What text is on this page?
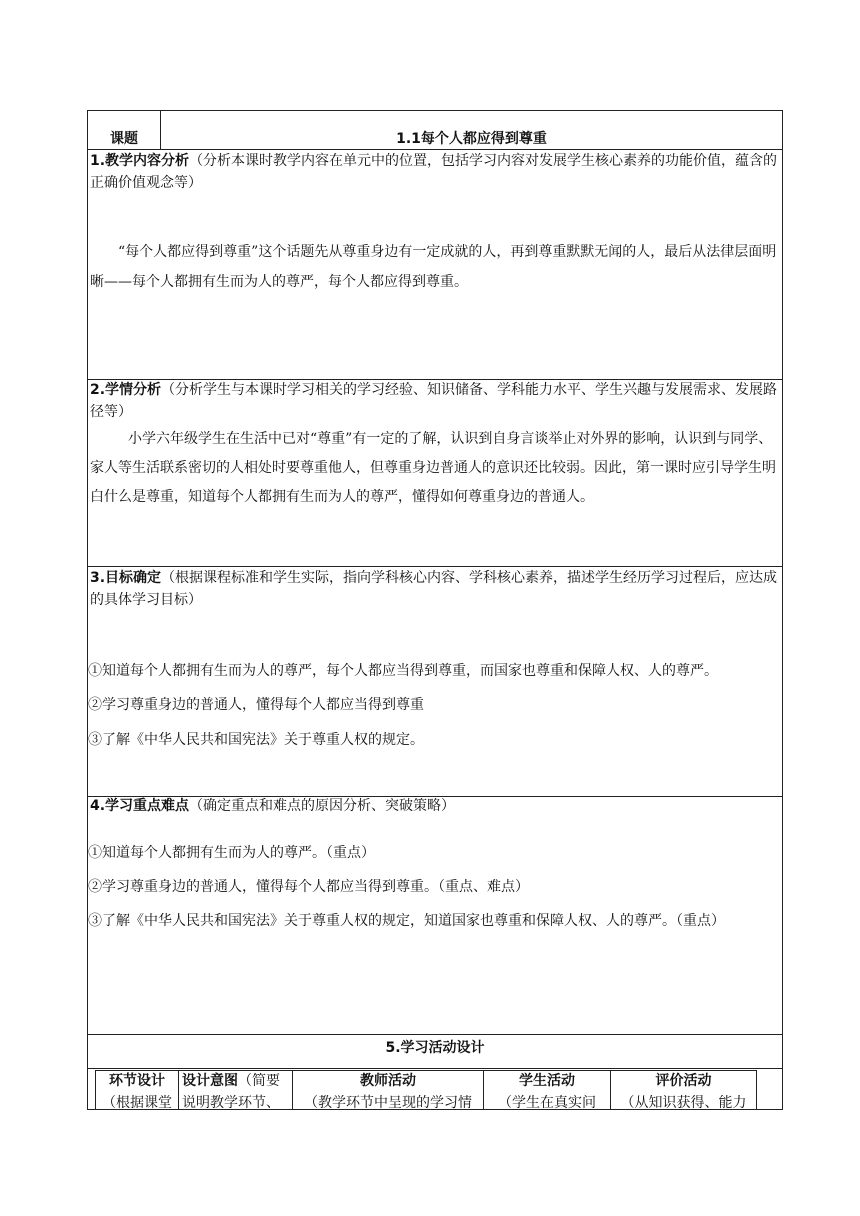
课题	1.1每个人都应得到尊重
1.教学内容分析（分析本课时教学内容在单元中的位置，包括学习内容对发展学生核心素养的功能价值，蕴含的正确价值观念等）
“每个人都应得到尊重”这个话题先从尊重身边有一定成就的人，再到尊重默默无闻的人，最后从法律层面明晰——每个人都拥有生而为人的尊严，每个人都应得到尊重。
2.学情分析（分析学生与本课时学习相关的学习经验、知识储备、学科能力水平、学生兴趣与发展需求、发展路径等）
小学六年级学生在生活中已对“尊重”有一定的了解，认识到自身言谈举止对外界的影响，认识到与同学、家人等生活联系密切的人相处时要尊重他人，但尊重身边普通人的意识还比较弱。因此，第一课时应引导学生明白什么是尊重，知道每个人都拥有生而为人的尊严，懂得如何尊重身边的普通人。
3.目标确定（根据课程标准和学生实际，指向学科核心内容、学科核心素养，描述学生经历学习过程后，应达成的具体学习目标）
①知道每个人都拥有生而为人的尊严，每个人都应当得到尊重，而国家也尊重和保障人权、人的尊严。
②学习尊重身边的普通人，懂得每个人都应当得到尊重
③了解《中华人民共和国宪法》关于尊重人权的规定。
4.学习重点难点（确定重点和难点的原因分析、突破策略）
①知道每个人都拥有生而为人的尊严。（重点）
②学习尊重身边的普通人，懂得每个人都应当得到尊重。（重点、难点）
③了解《中华人民共和国宪法》关于尊重人权的规定，知道国家也尊重和保障人权、人的尊严。（重点）
5.学习活动设计
环节设计
（根据课堂
设计意图（简要
说明教学环节、
教师活动
（教学环节中呈现的学习情
学生活动
（学生在真实问
评价活动
（从知识获得、能力
